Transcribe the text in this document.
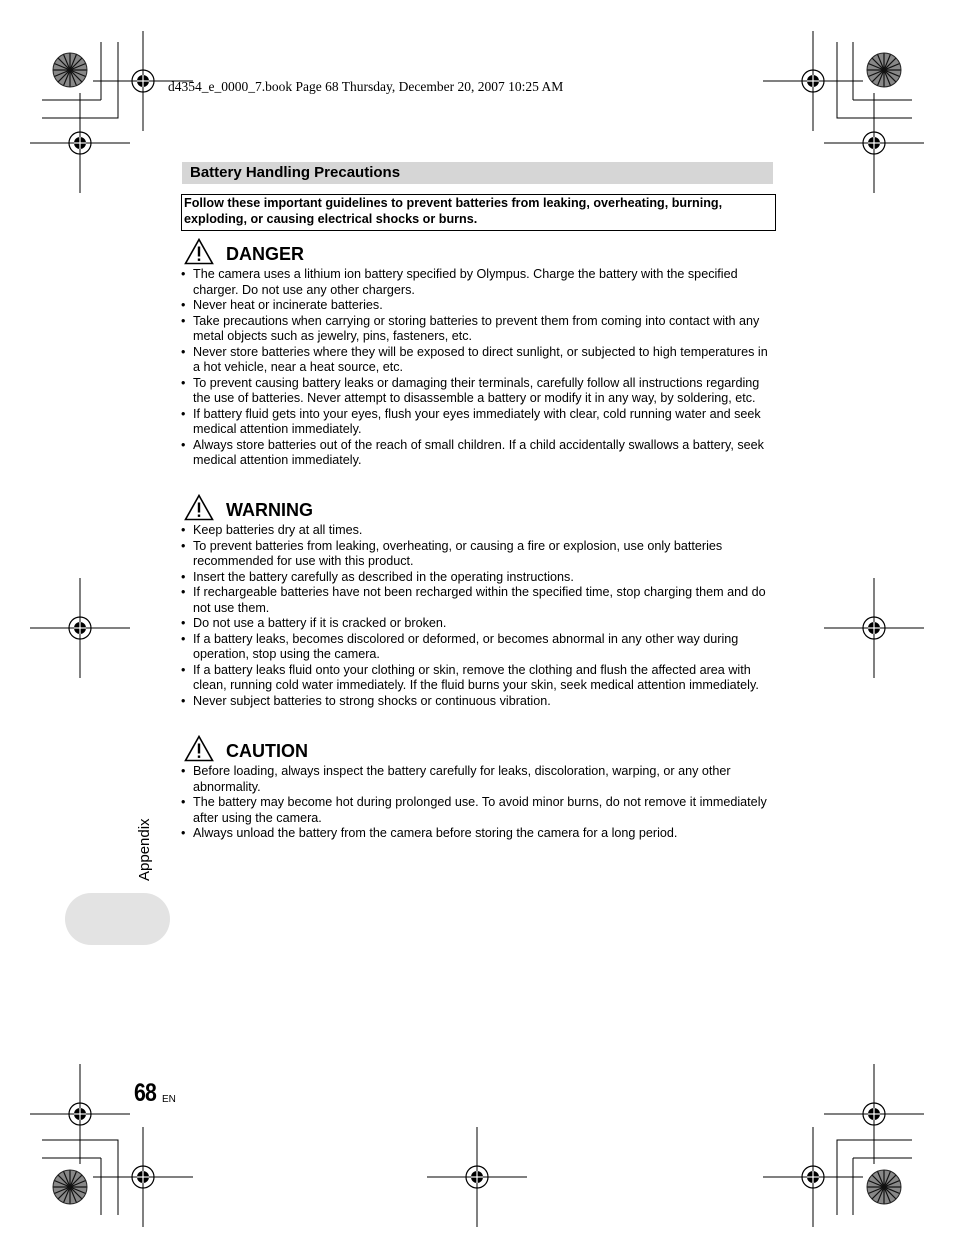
d4354_e_0000_7.book Page 68 Thursday, December 20, 2007 10:25 AM
Battery Handling Precautions
Follow these important guidelines to prevent batteries from leaking, overheating, burning, exploding, or causing electrical shocks or burns.
DANGER
• The camera uses a lithium ion battery specified by Olympus. Charge the battery with the specified charger. Do not use any other chargers.
• Never heat or incinerate batteries.
• Take precautions when carrying or storing batteries to prevent them from coming into contact with any metal objects such as jewelry, pins, fasteners, etc.
• Never store batteries where they will be exposed to direct sunlight, or subjected to high temperatures in a hot vehicle, near a heat source, etc.
• To prevent causing battery leaks or damaging their terminals, carefully follow all instructions regarding the use of batteries. Never attempt to disassemble a battery or modify it in any way, by soldering, etc.
• If battery fluid gets into your eyes, flush your eyes immediately with clear, cold running water and seek medical attention immediately.
• Always store batteries out of the reach of small children. If a child accidentally swallows a battery, seek medical attention immediately.
WARNING
• Keep batteries dry at all times.
• To prevent batteries from leaking, overheating, or causing a fire or explosion, use only batteries recommended for use with this product.
• Insert the battery carefully as described in the operating instructions.
• If rechargeable batteries have not been recharged within the specified time, stop charging them and do not use them.
• Do not use a battery if it is cracked or broken.
• If a battery leaks, becomes discolored or deformed, or becomes abnormal in any other way during operation, stop using the camera.
• If a battery leaks fluid onto your clothing or skin, remove the clothing and flush the affected area with clean, running cold water immediately. If the fluid burns your skin, seek medical attention immediately.
• Never subject batteries to strong shocks or continuous vibration.
CAUTION
• Before loading, always inspect the battery carefully for leaks, discoloration, warping, or any other abnormality.
• The battery may become hot during prolonged use. To avoid minor burns, do not remove it immediately after using the camera.
• Always unload the battery from the camera before storing the camera for a long period.
Appendix
68 EN
